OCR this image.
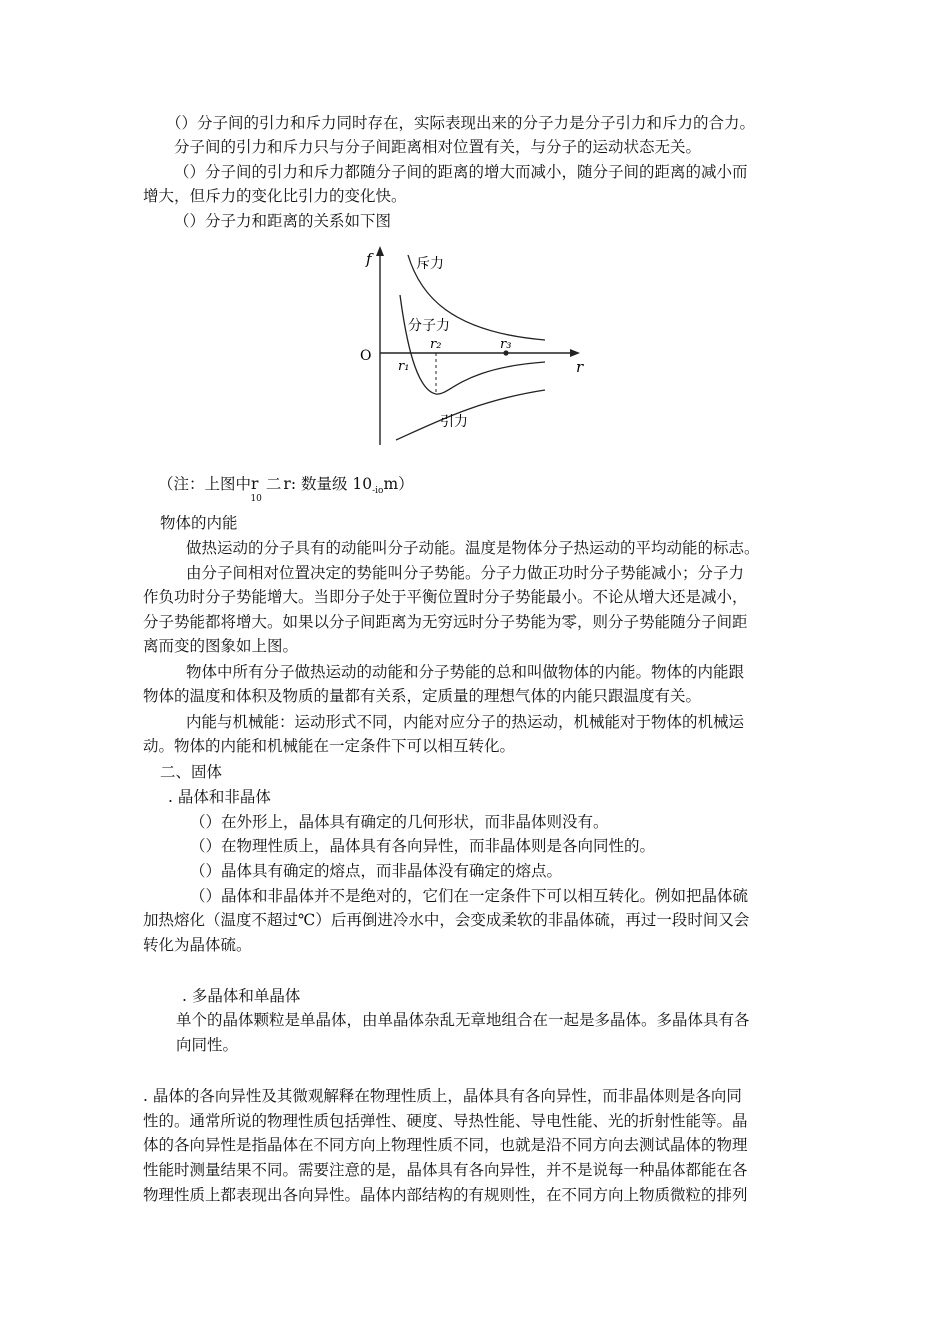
（）分子间的引力和斥力同时存在，实际表现出来的分子力是分子引力和斥力的合力。
分子间的引力和斥力只与分子间距离相对位置有关，与分子的运动状态无关。
（）分子间的引力和斥力都随分子间的距离的增大而减小，随分子间的距离的减小而
增大，但斥力的变化比引力的变化快。
（）分子力和距离的关系如下图
f
r
O
斥力
分子力
引力
r₁
r₂	r₃
（注：上图中$r_{10}$二 r: 数量级 $10_{-io}m$）
物体的内能
做热运动的分子具有的动能叫分子动能。温度是物体分子热运动的平均动能的标志。
由分子间相对位置决定的势能叫分子势能。分子力做正功时分子势能减小；分子力
作负功时分子势能增大。当即分子处于平衡位置时分子势能最小。不论从增大还是减小，
分子势能都将增大。如果以分子间距离为无穷远时分子势能为零，则分子势能随分子间距
离而变的图象如上图。
物体中所有分子做热运动的动能和分子势能的总和叫做物体的内能。物体的内能跟
物体的温度和体积及物质的量都有关系，定质量的理想气体的内能只跟温度有关。
内能与机械能：运动形式不同，内能对应分子的热运动，机械能对于物体的机械运
动。物体的内能和机械能在一定条件下可以相互转化。
二、固体
. 晶体和非晶体
（）在外形上，晶体具有确定的几何形状，而非晶体则没有。
（）在物理性质上，晶体具有各向异性，而非晶体则是各向同性的。
（）晶体具有确定的熔点，而非晶体没有确定的熔点。
（）晶体和非晶体并不是绝对的，它们在一定条件下可以相互转化。例如把晶体硫
加热熔化（温度不超过℃）后再倒进冷水中，会变成柔软的非晶体硫，再过一段时间又会
转化为晶体硫。
. 多晶体和单晶体
单个的晶体颗粒是单晶体，由单晶体杂乱无章地组合在一起是多晶体。多晶体具有各
向同性。
. 晶体的各向异性及其微观解释在物理性质上，晶体具有各向异性，而非晶体则是各向同
性的。通常所说的物理性质包括弹性、硬度、导热性能、导电性能、光的折射性能等。晶
体的各向异性是指晶体在不同方向上物理性质不同，也就是沿不同方向去测试晶体的物理
性能时测量结果不同。需要注意的是，晶体具有各向异性，并不是说每一种晶体都能在各
物理性质上都表现出各向异性。晶体内部结构的有规则性，在不同方向上物质微粒的排列
